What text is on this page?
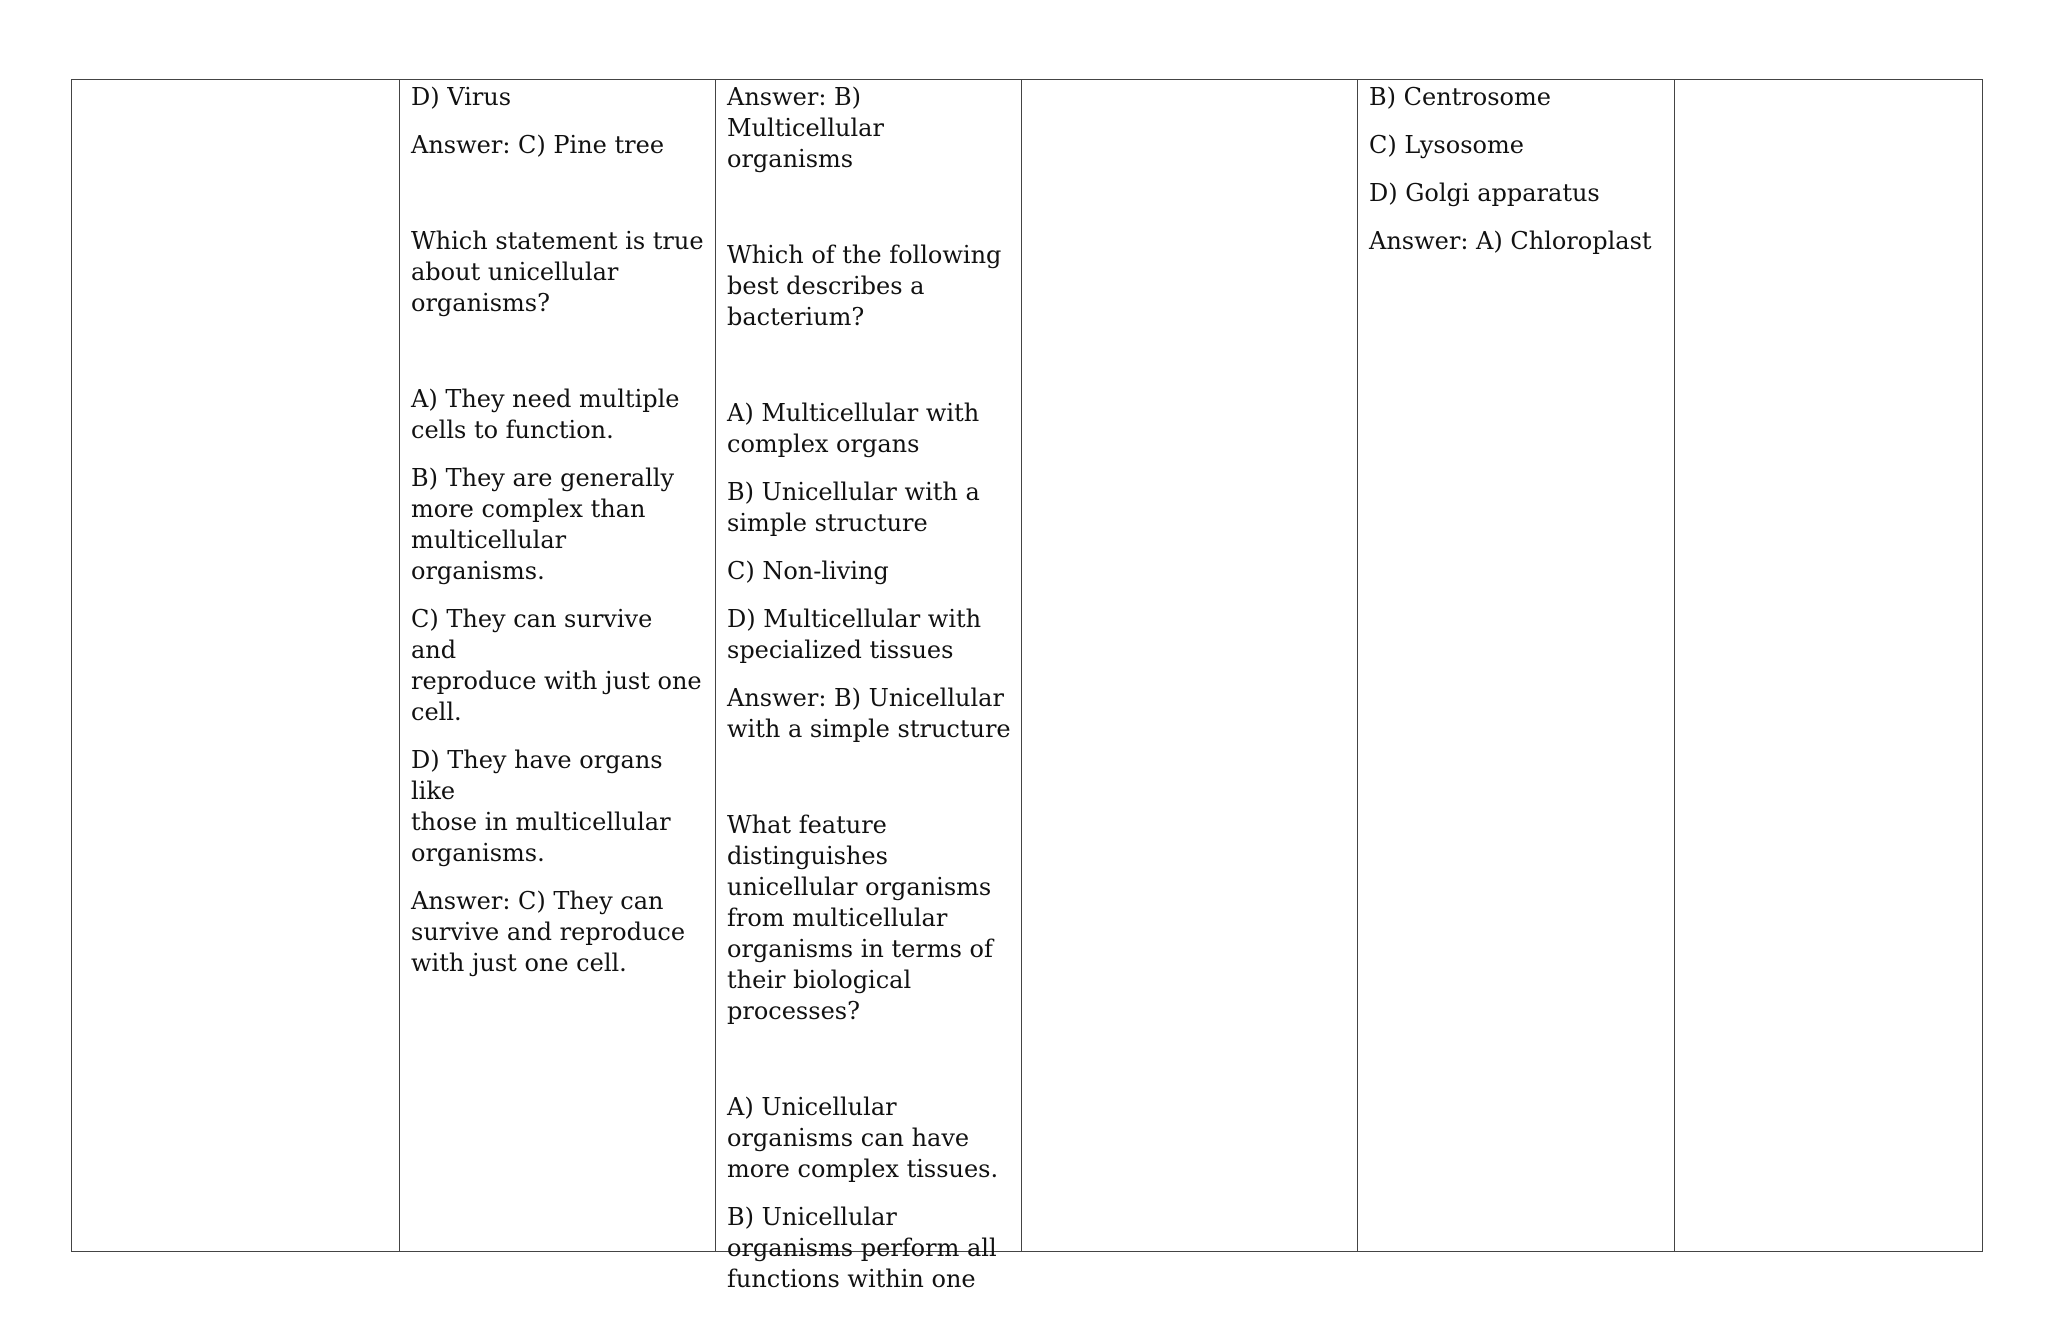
D) Virus

Answer: C) Pine tree

Which statement is true
about unicellular
organisms?

A) They need multiple
cells to function.

B) They are generally
more complex than
multicellular organisms.

C) They can survive and
reproduce with just one
cell.

D) They have organs like
those in multicellular
organisms.

Answer: C) They can
survive and reproduce
with just one cell.

Answer: B)
Multicellular organisms

Which of the following
best describes a
bacterium?

A) Multicellular with
complex organs

B) Unicellular with a
simple structure

C) Non-living

D) Multicellular with
specialized tissues

Answer: B) Unicellular
with a simple structure

What feature
distinguishes
unicellular organisms
from multicellular
organisms in terms of
their biological
processes?

A) Unicellular
organisms can have
more complex tissues.

B) Unicellular
organisms perform all
functions within one

B) Centrosome

C) Lysosome

D) Golgi apparatus

Answer: A) Chloroplast
